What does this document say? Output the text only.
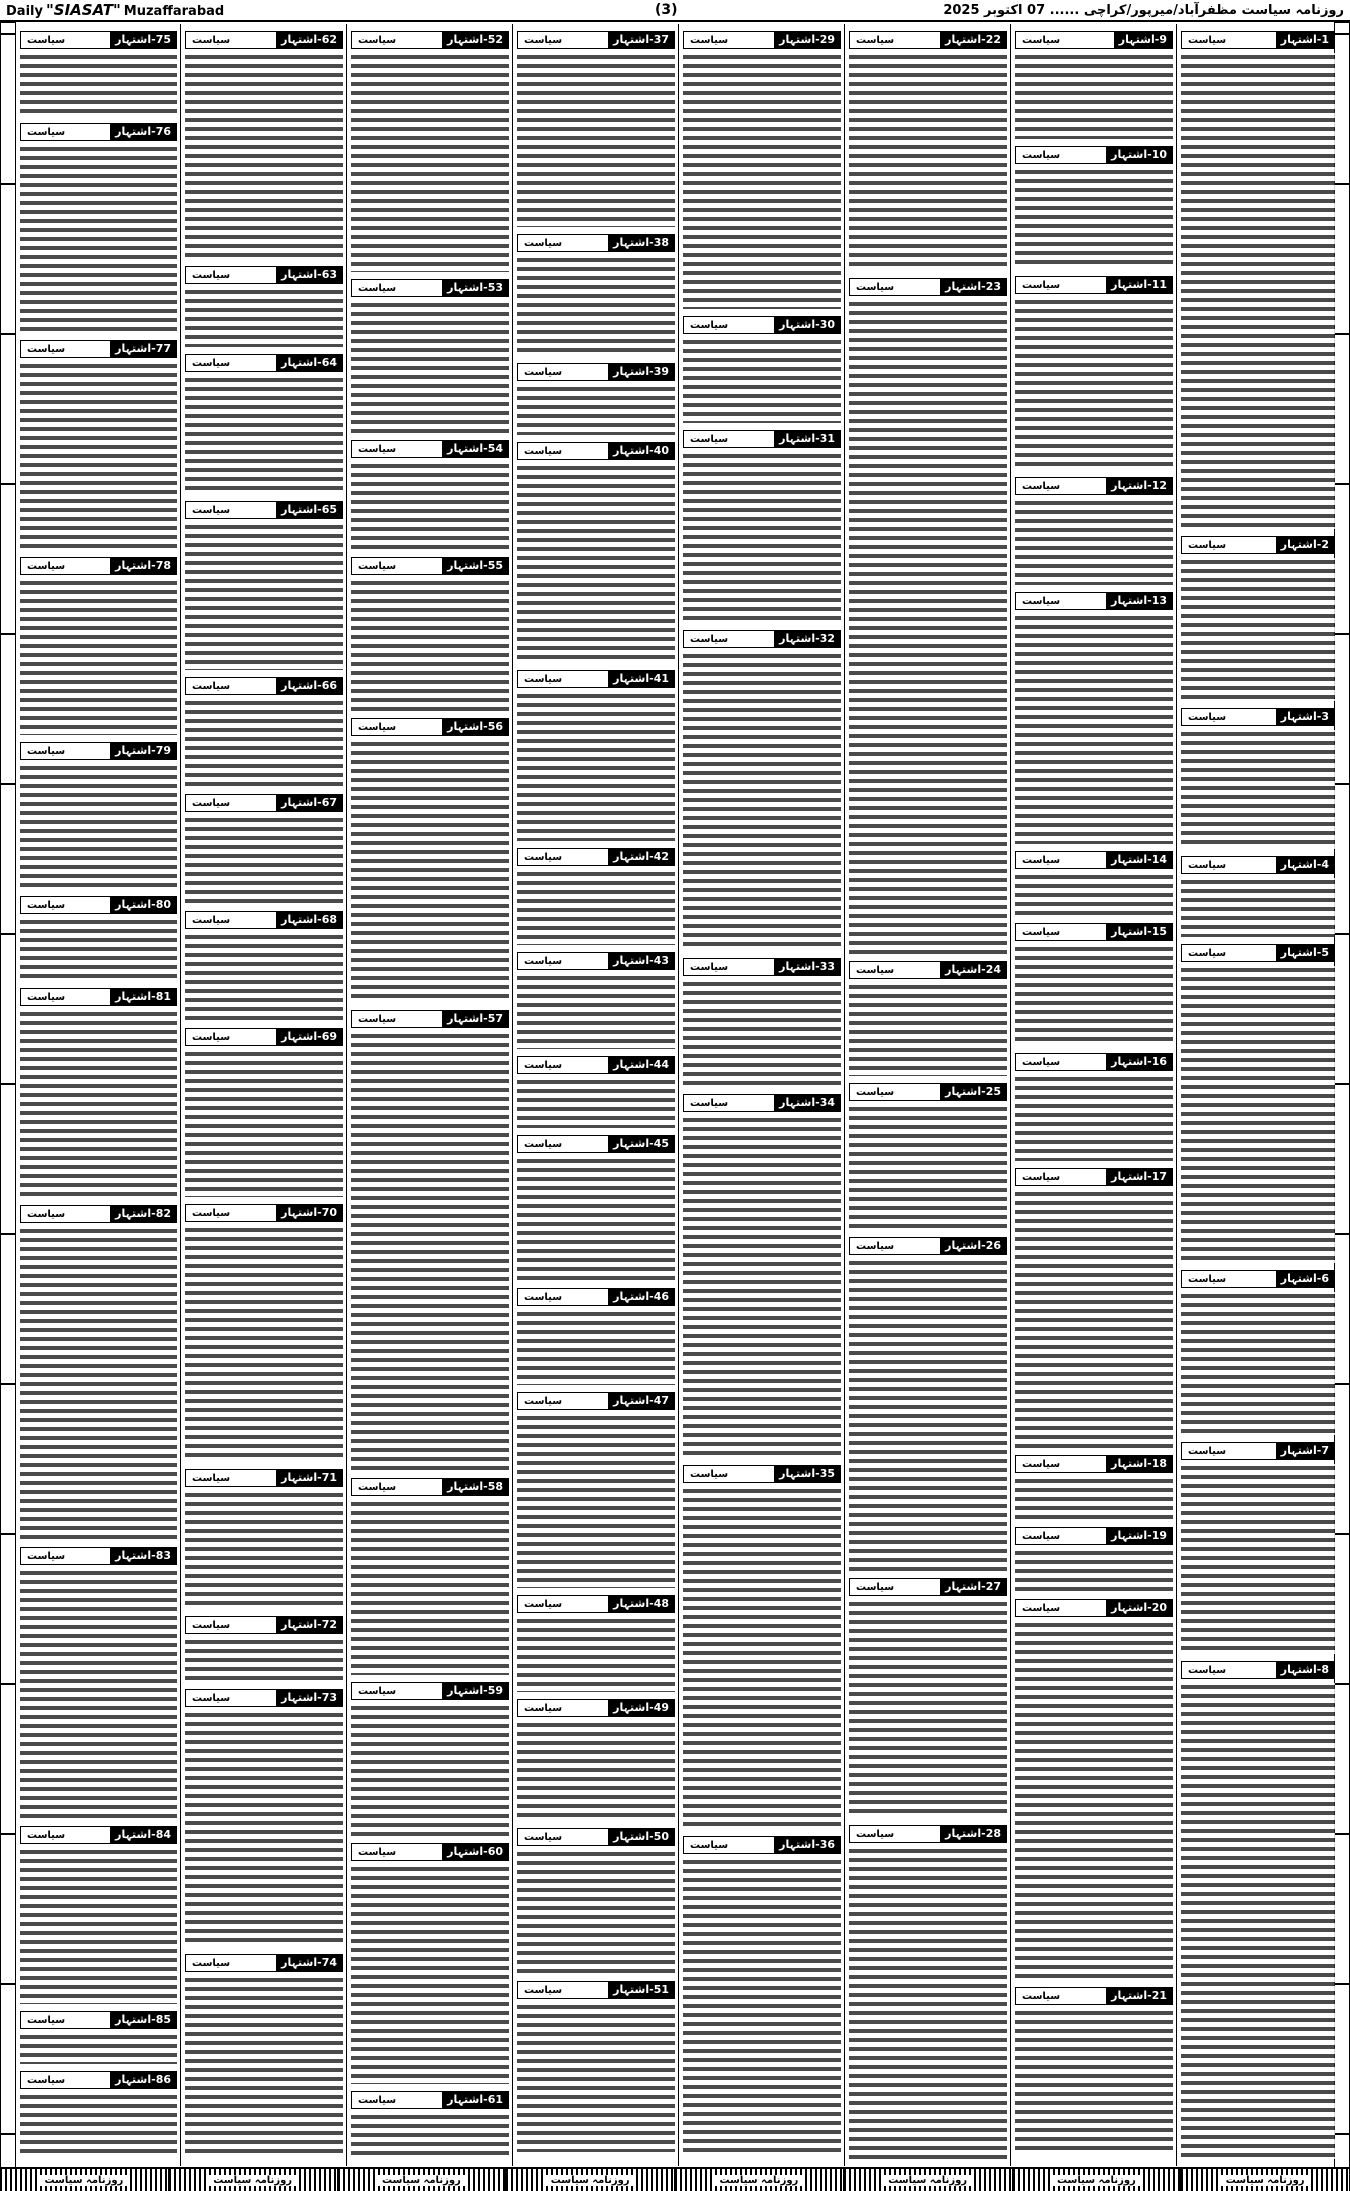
Daily "SIASAT" Muzaffarabad	(3)	روزنامہ سیاست مظفرآباد/میرپور/کراچی ...... 07 اکتوبر 2025
سیاست	1-اشتہار
سیاست	2-اشتہار
سیاست	3-اشتہار
سیاست	4-اشتہار
سیاست	5-اشتہار
سیاست	6-اشتہار
سیاست	7-اشتہار
سیاست	8-اشتہار
سیاست	9-اشتہار
سیاست	10-اشتہار
سیاست	11-اشتہار
سیاست	12-اشتہار
سیاست	13-اشتہار
سیاست	14-اشتہار
سیاست	15-اشتہار
سیاست	16-اشتہار
سیاست	17-اشتہار
سیاست	18-اشتہار
سیاست	19-اشتہار
سیاست	20-اشتہار
سیاست	21-اشتہار
سیاست	22-اشتہار
سیاست	23-اشتہار
سیاست	24-اشتہار
سیاست	25-اشتہار
سیاست	26-اشتہار
سیاست	27-اشتہار
سیاست	28-اشتہار
سیاست	29-اشتہار
سیاست	30-اشتہار
سیاست	31-اشتہار
سیاست	32-اشتہار
سیاست	33-اشتہار
سیاست	34-اشتہار
سیاست	35-اشتہار
سیاست	36-اشتہار
سیاست	37-اشتہار
سیاست	38-اشتہار
سیاست	39-اشتہار
سیاست	40-اشتہار
سیاست	41-اشتہار
سیاست	42-اشتہار
سیاست	43-اشتہار
سیاست	44-اشتہار
سیاست	45-اشتہار
سیاست	46-اشتہار
سیاست	47-اشتہار
سیاست	48-اشتہار
سیاست	49-اشتہار
سیاست	50-اشتہار
سیاست	51-اشتہار
سیاست	52-اشتہار
سیاست	53-اشتہار
سیاست	54-اشتہار
سیاست	55-اشتہار
سیاست	56-اشتہار
سیاست	57-اشتہار
سیاست	58-اشتہار
سیاست	59-اشتہار
سیاست	60-اشتہار
سیاست	61-اشتہار
سیاست	62-اشتہار
سیاست	63-اشتہار
سیاست	64-اشتہار
سیاست	65-اشتہار
سیاست	66-اشتہار
سیاست	67-اشتہار
سیاست	68-اشتہار
سیاست	69-اشتہار
سیاست	70-اشتہار
سیاست	71-اشتہار
سیاست	72-اشتہار
سیاست	73-اشتہار
سیاست	74-اشتہار
سیاست	75-اشتہار
سیاست	76-اشتہار
سیاست	77-اشتہار
سیاست	78-اشتہار
سیاست	79-اشتہار
سیاست	80-اشتہار
سیاست	81-اشتہار
سیاست	82-اشتہار
سیاست	83-اشتہار
سیاست	84-اشتہار
سیاست	85-اشتہار
سیاست	86-اشتہار
روزنامہ سیاست	روزنامہ سیاست	روزنامہ سیاست	روزنامہ سیاست	روزنامہ سیاست	روزنامہ سیاست	روزنامہ سیاست	روزنامہ سیاست
